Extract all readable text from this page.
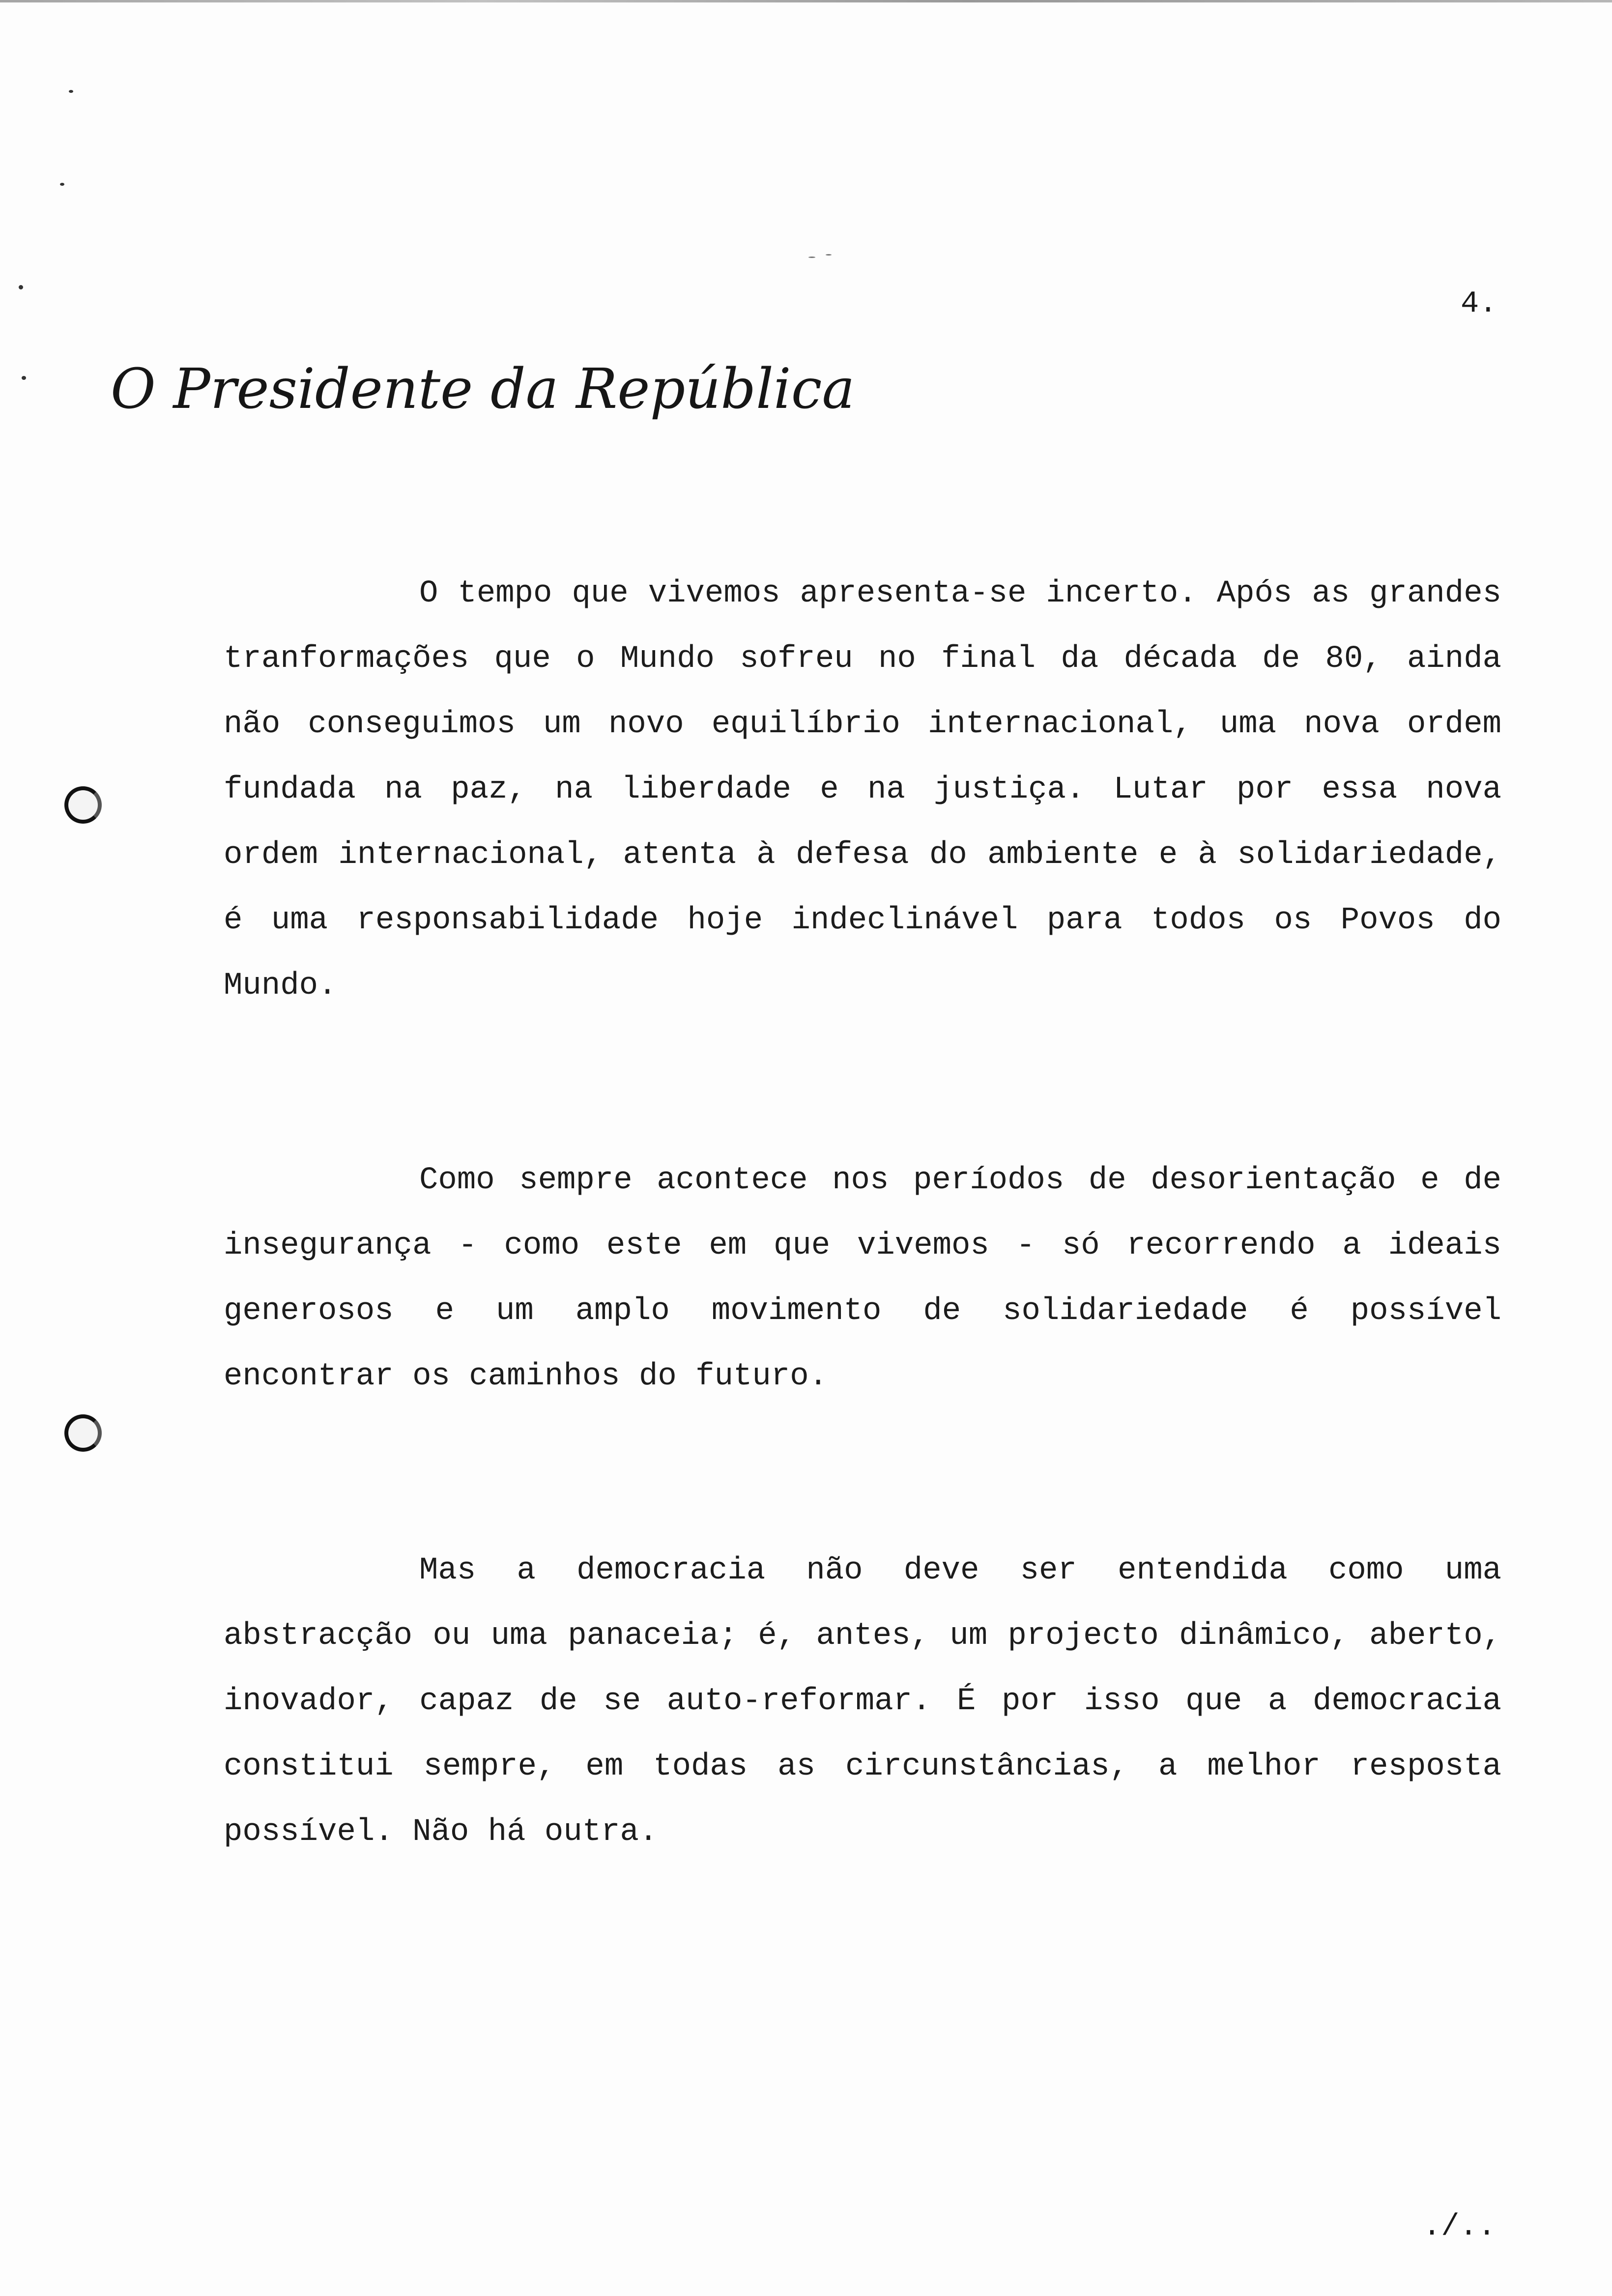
4.
O Presidente da República

O tempo que vivemos apresenta-se incerto. Após as grandes tranformações que o Mundo sofreu no final da década de 80, ainda não conseguimos um novo equilíbrio internacional, uma nova ordem fundada na paz, na liberdade e na justiça. Lutar por essa nova ordem internacional, atenta à defesa do ambiente e à solidariedade, é uma responsabilidade hoje indeclinável para todos os Povos do Mundo.

Como sempre acontece nos períodos de desorientação e de insegurança - como este em que vivemos - só recorrendo a ideais generosos e um amplo movimento de solidariedade é possível encontrar os caminhos do futuro.

Mas a democracia não deve ser entendida como uma abstracção ou uma panaceia; é, antes, um projecto dinâmico, aberto, inovador, capaz de se auto-reformar. É por isso que a democracia constitui sempre, em todas as circunstâncias, a melhor resposta possível. Não há outra.

./..
